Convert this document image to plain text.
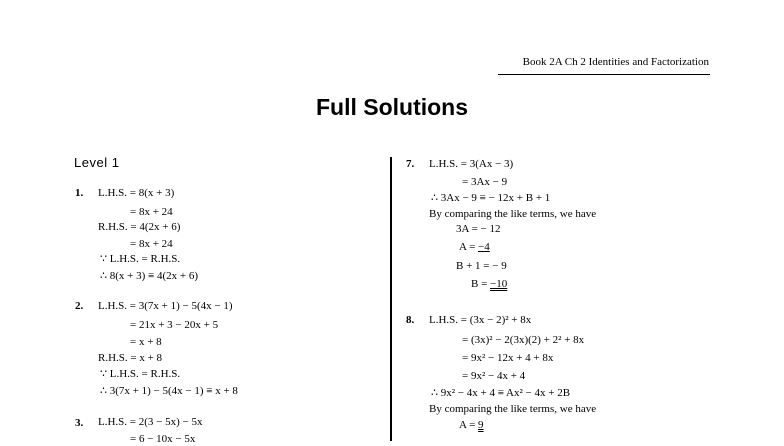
Book 2A Ch 2 Identities and Factorization
Full Solutions
Level 1
1. L.H.S. = 8(x + 3)
= 8x + 24
R.H.S. = 4(2x + 6)
= 8x + 24
∵ L.H.S. = R.H.S.
∴ 8(x + 3) ≡ 4(2x + 6)
2. L.H.S. = 3(7x + 1) − 5(4x − 1)
= 21x + 3 − 20x + 5
= x + 8
R.H.S. = x + 8
∵ L.H.S. = R.H.S.
∴ 3(7x + 1) − 5(4x − 1) ≡ x + 8
3. L.H.S. = 2(3 − 5x) − 5x
= 6 − 10x − 5x
7. L.H.S. = 3(Ax − 3)
= 3Ax − 9
∴ 3Ax − 9 ≡ − 12x + B + 1
By comparing the like terms, we have
3A = − 12
A = −4
B + 1 = − 9
B = −10
8. L.H.S. = (3x − 2)² + 8x
= (3x)² − 2(3x)(2) + 2² + 8x
= 9x² − 12x + 4 + 8x
= 9x² − 4x + 4
∴ 9x² − 4x + 4 ≡ Ax² − 4x + 2B
By comparing the like terms, we have
A = 9
